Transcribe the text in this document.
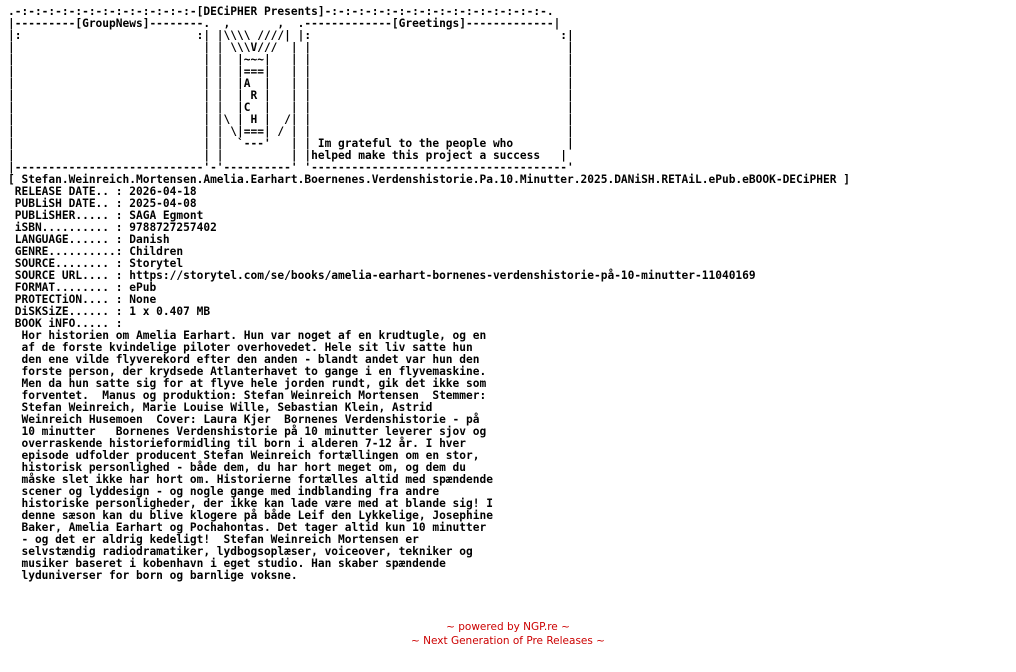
.-:-:-:-:-:-:-:-:-:-:-:-:-:-[DECiPHER Presents]-:-:-:-:-:-:-:-:-:-:-:-:-:-:-:-:-.
|---------[GroupNews]--------.  ,       ,  .-------------[Greetings]-------------|
|:                          :| |\\\\ ////| |:                                     :|
|                            | | \\\V///  | |                                      |
|                            | |  |~~~|   | |                                      |
|                            | |  |===|   | |                                      |
|                            | |  |A  |   | |                                      |
|                            | |  | R |   | |                                      |
|                            | |  |C  |   | |                                      |
|                            | |\ | H |  /| |                                      |
|                            | | \|===| / | |                                      |
|                            | |  `---'   | | Im grateful to the people who        |
|                            | |          | |helped make this project a success   |
|----------------------------'-'----------' '--------------------------------------'
[ Stefan.Weinreich.Mortensen.Amelia.Earhart.Boernenes.Verdenshistorie.Pa.10.Minutter.2025.DANiSH.RETAiL.ePub.eBOOK-DECiPHER ]
RELEASE DATE.. : 2026-04-18
PUBLiSH DATE.. : 2025-04-08
PUBLiSHER..... : SAGA Egmont
iSBN.......... : 9788727257402
LANGUAGE...... : Danish
GENRE..........: Children
SOURCE........ : Storytel
SOURCE URL.... : https://storytel.com/se/books/amelia-earhart-bornenes-verdenshistorie-på-10-minutter-11040169
FORMAT........ : ePub
PROTECTiON.... : None
DiSKSiZE...... : 1 x 0.407 MB
BOOK iNFO..... :
Hor historien om Amelia Earhart. Hun var noget af en krudtugle, og en
af de forste kvindelige piloter overhovedet. Hele sit liv satte hun
den ene vilde flyverekord efter den anden - blandt andet var hun den
forste person, der krydsede Atlanterhavet to gange i en flyvemaskine.
Men da hun satte sig for at flyve hele jorden rundt, gik det ikke som
forventet.  Manus og produktion: Stefan Weinreich Mortensen  Stemmer:
Stefan Weinreich, Marie Louise Wille, Sebastian Klein, Astrid
Weinreich Husemoen  Cover: Laura Kjer  Bornenes Verdenshistorie - på
10 minutter   Bornenes Verdenshistorie på 10 minutter leverer sjov og
overraskende historieformidling til born i alderen 7-12 år. I hver
episode udfolder producent Stefan Weinreich fortællingen om en stor,
historisk personlighed - både dem, du har hort meget om, og dem du
måske slet ikke har hort om. Historierne fortælles altid med spændende
scener og lyddesign - og nogle gange med indblanding fra andre
historiske personligheder, der ikke kan lade være med at blande sig! I
denne sæson kan du blive klogere på både Leif den Lykkelige, Josephine
Baker, Amelia Earhart og Pochahontas. Det tager altid kun 10 minutter
- og det er aldrig kedeligt!  Stefan Weinreich Mortensen er
selvstændig radiodramatiker, lydbogsoplæser, voiceover, tekniker og
musiker baseret i kobenhavn i eget studio. Han skaber spændende
lyduniverser for born og barnlige voksne.
~ powered by NGP.re ~
~ Next Generation of Pre Releases ~
